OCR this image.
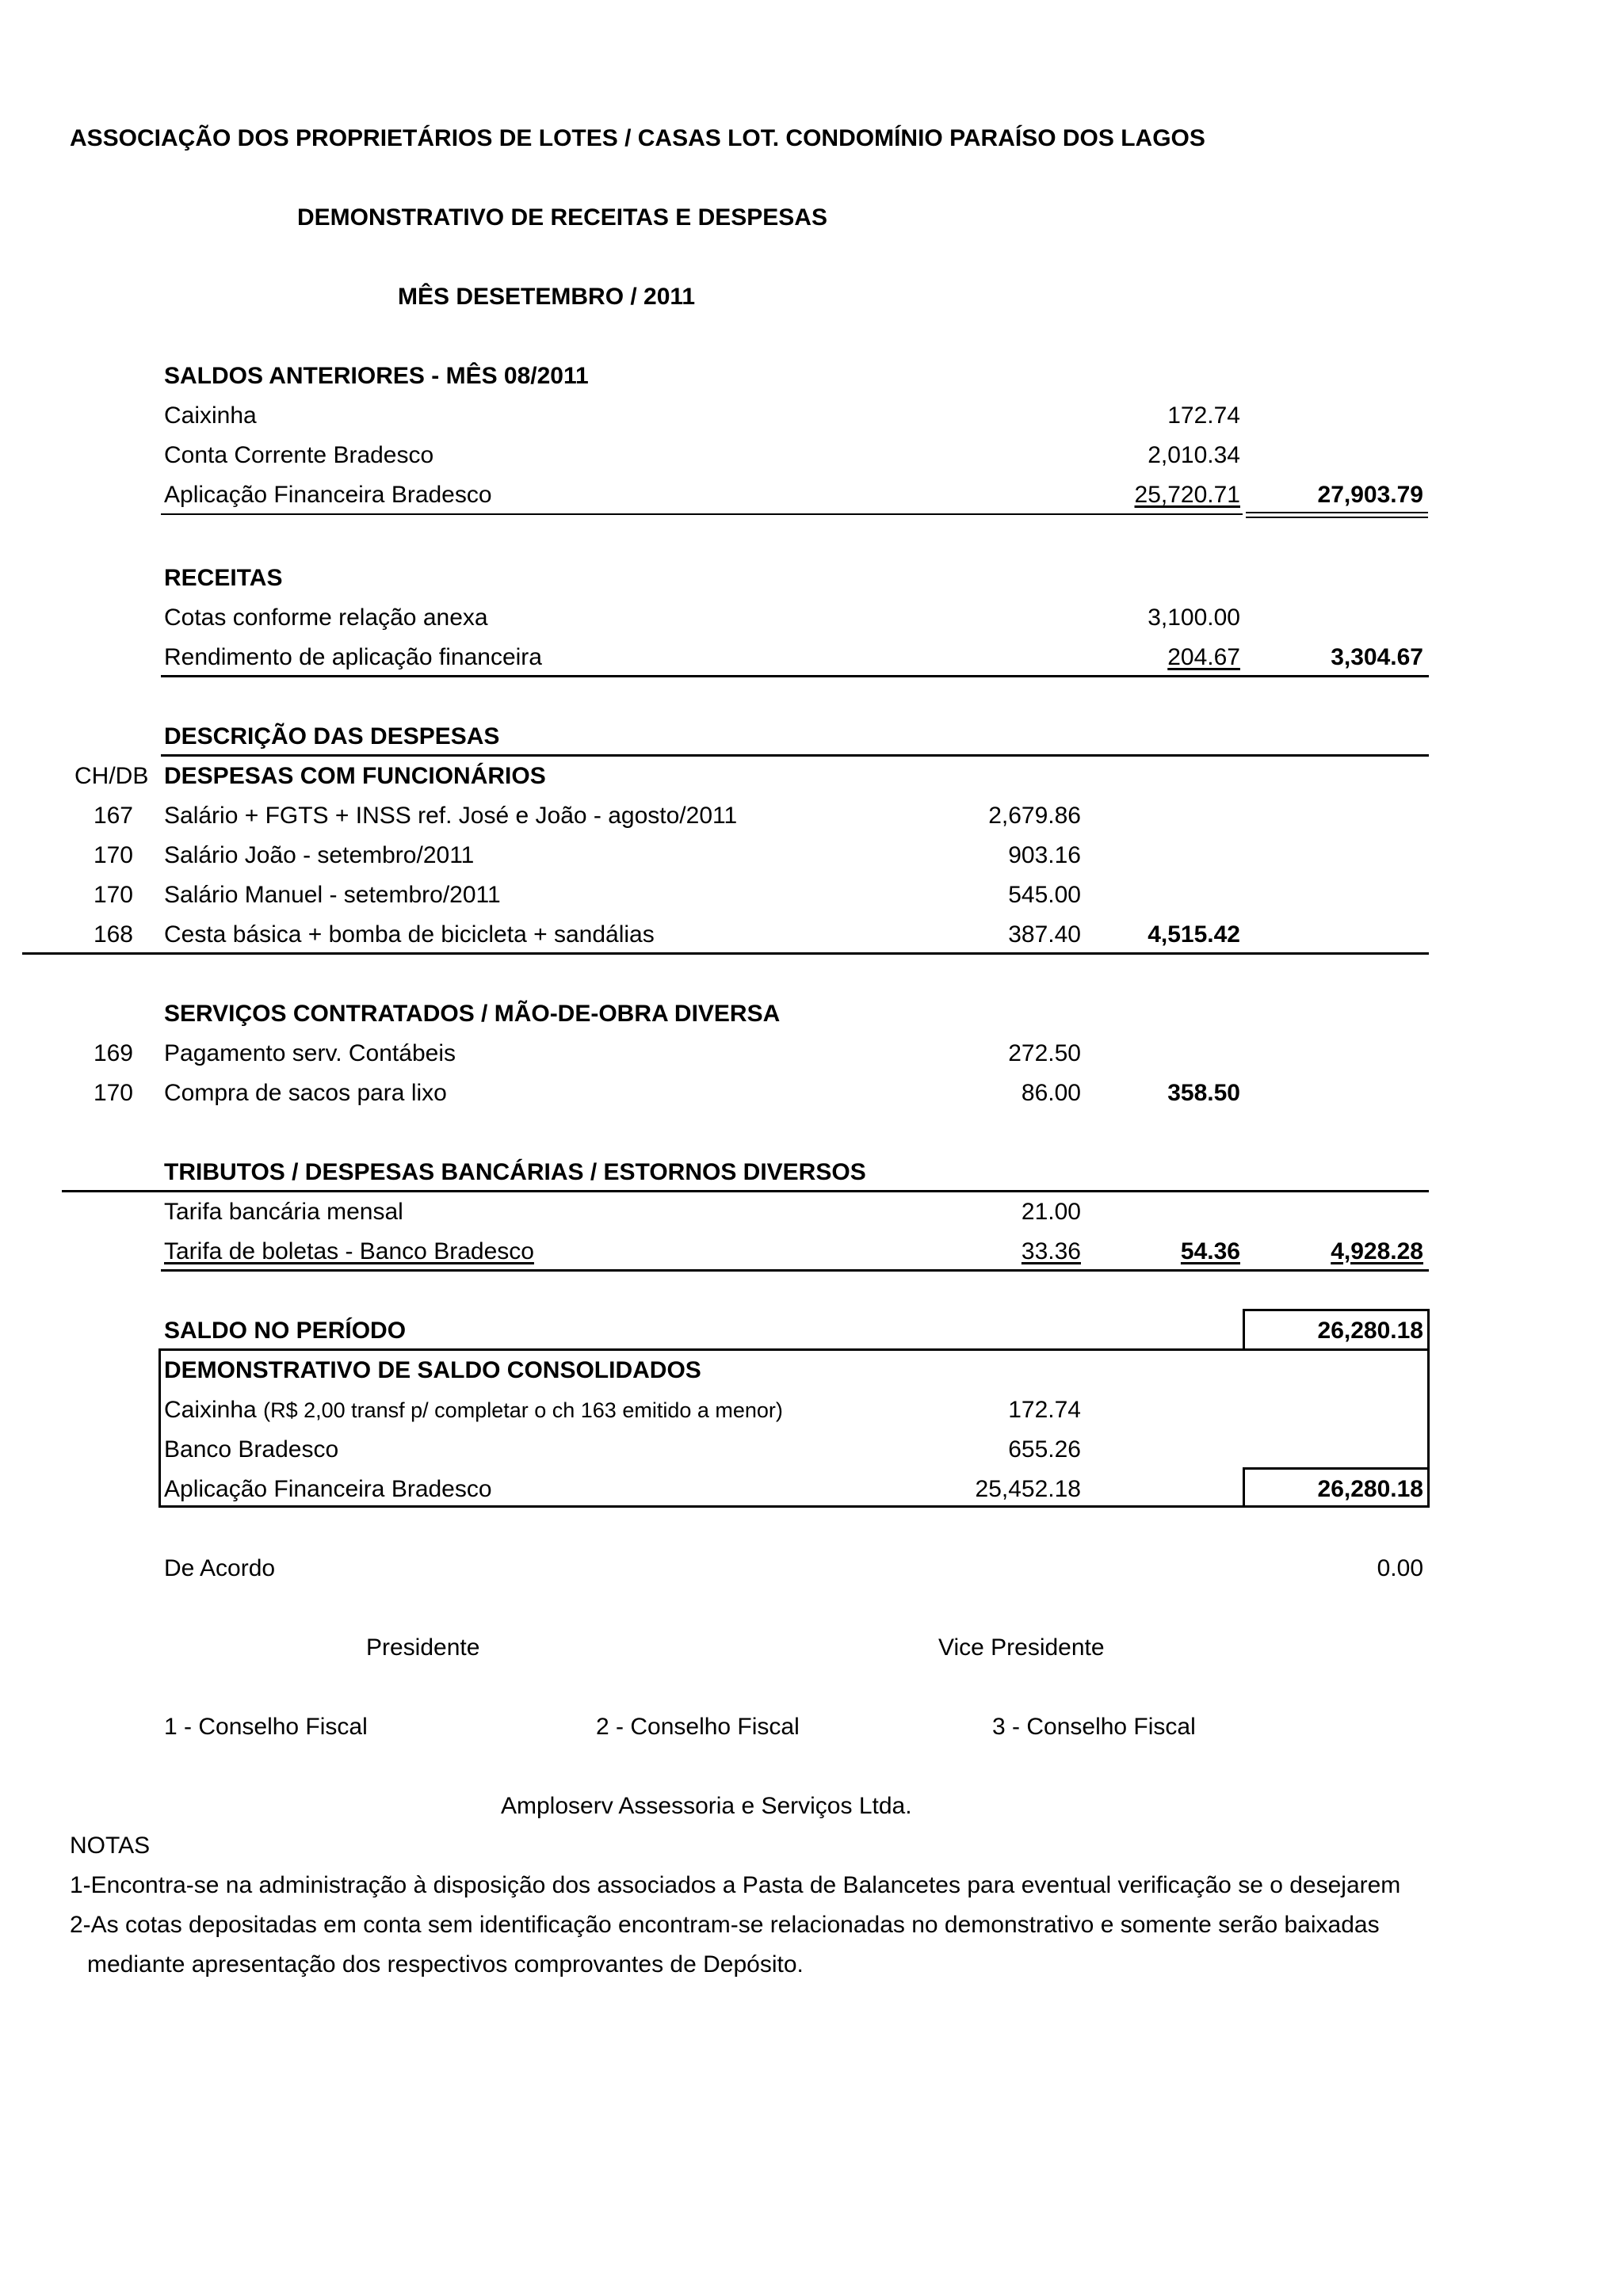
ASSOCIAÇÃO DOS PROPRIETÁRIOS DE LOTES / CASAS LOT. CONDOMÍNIO PARAÍSO DOS LAGOS
DEMONSTRATIVO DE RECEITAS E DESPESAS
MÊS DESETEMBRO / 2011
SALDOS ANTERIORES - MÊS 08/2011
Caixinha	172.74
Conta Corrente Bradesco	2,010.34
Aplicação Financeira Bradesco	25,720.71	27,903.79
RECEITAS
Cotas conforme relação anexa	3,100.00
Rendimento de aplicação financeira	204.67	3,304.67
DESCRIÇÃO DAS DESPESAS
CH/DB DESPESAS COM FUNCIONÁRIOS
167 Salário + FGTS + INSS ref. José e João - agosto/2011	2,679.86
170 Salário João - setembro/2011	903.16
170 Salário Manuel - setembro/2011	545.00
168 Cesta básica + bomba de bicicleta + sandálias	387.40	4,515.42
SERVIÇOS CONTRATADOS / MÃO-DE-OBRA DIVERSA
169 Pagamento serv. Contábeis	272.50
170 Compra de sacos para lixo	86.00	358.50
TRIBUTOS / DESPESAS BANCÁRIAS / ESTORNOS DIVERSOS
Tarifa bancária mensal	21.00
Tarifa de boletas - Banco Bradesco	33.36	54.36	4,928.28
SALDO NO PERÍODO	26,280.18
DEMONSTRATIVO DE SALDO CONSOLIDADOS
Caixinha (R$ 2,00 transf p/ completar o ch 163 emitido a menor)	172.74
Banco Bradesco	655.26
Aplicação Financeira Bradesco	25,452.18	26,280.18
De Acordo	0.00
Presidente	Vice Presidente
1 - Conselho Fiscal	2 - Conselho Fiscal	3 - Conselho Fiscal
Amploserv Assessoria e Serviços Ltda.
NOTAS
1-Encontra-se na administração à disposição dos associados a Pasta de Balancetes para eventual verificação se o desejarem
2-As cotas depositadas em conta sem identificação encontram-se relacionadas no demonstrativo e somente serão baixadas
mediante apresentação dos respectivos comprovantes de Depósito.
